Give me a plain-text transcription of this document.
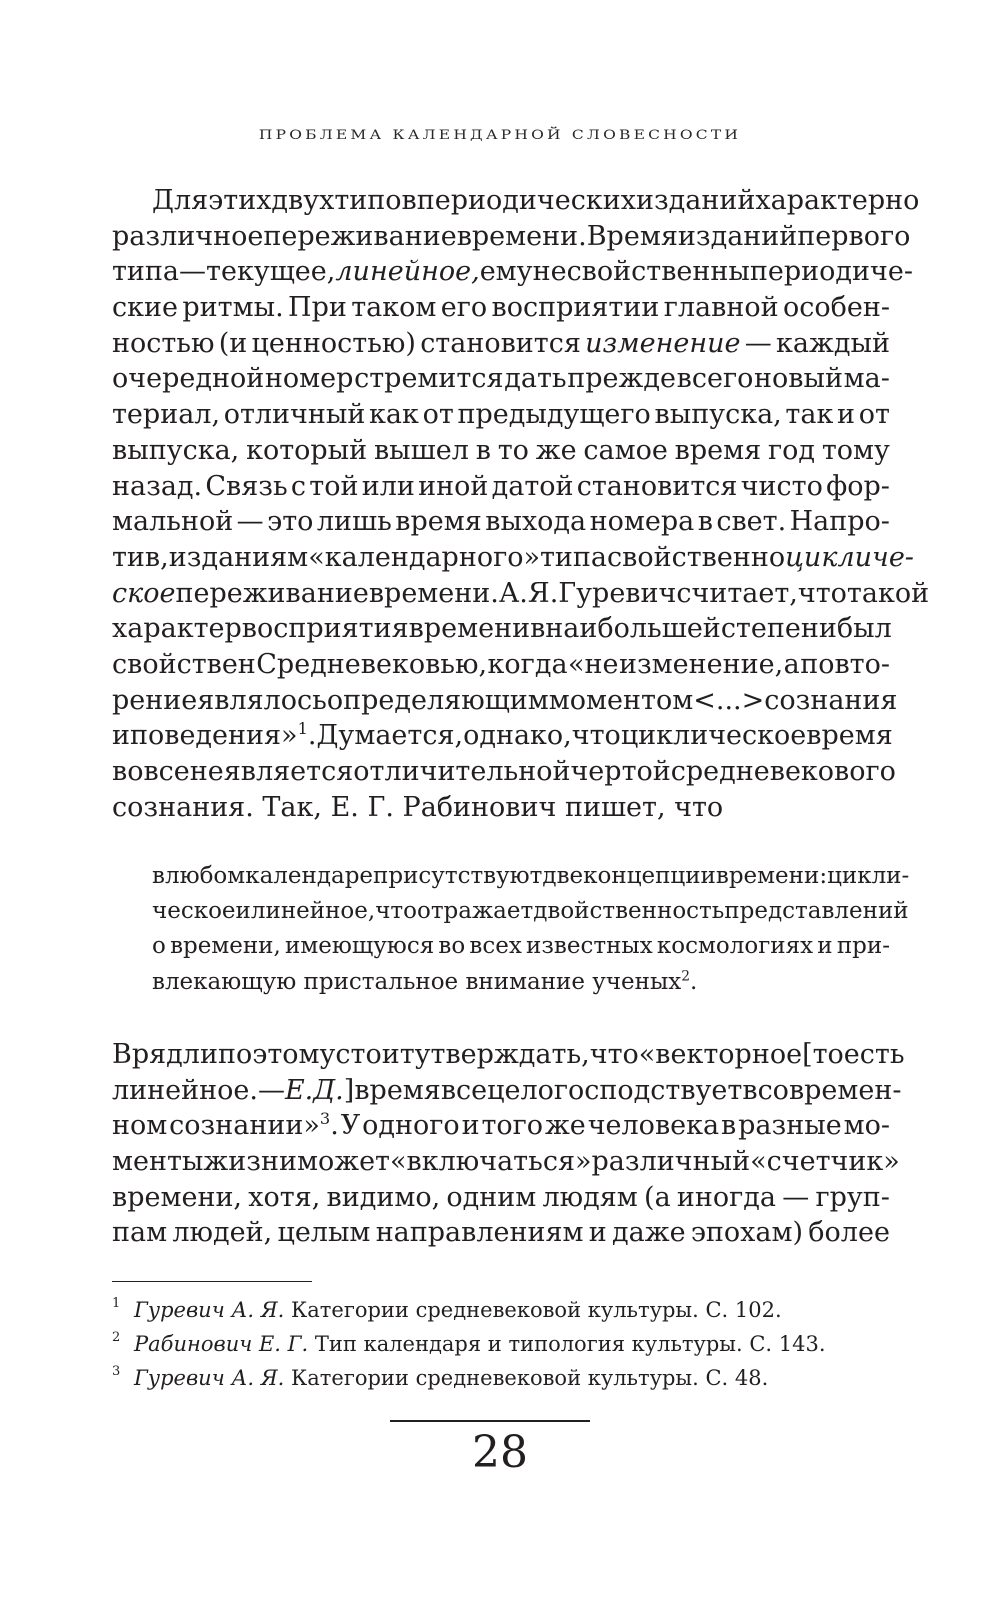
ПРОБЛЕМА КАЛЕНДАРНОЙ СЛОВЕСНОСТИ
Для этих двух типов периодических изданий характерно
различное переживание времени. Время изданий первого
типа — текущее, линейное, ему не свойственны периодиче-
ские ритмы. При таком его восприятии главной особен-
ностью (и ценностью) становится изменение — каждый
очередной номер стремится дать прежде всего новый ма-
териал, отличный как от предыдущего выпуска, так и от
выпуска, который вышел в то же самое время год тому
назад. Связь с той или иной датой становится чисто фор-
мальной — это лишь время выхода номера в свет. Напро-
тив, изданиям «календарного» типа свойственно цикличе-
ское переживание времени. А. Я. Гуревич считает, что такой
характер восприятия времени в наибольшей степени был
свойствен Средневековью, когда «не изменение, а повто-
рение являлось определяющим моментом <...> сознания
и поведения»$^1$. Думается, однако, что циклическое время
вовсе не является отличительной чертой средневекового
сознания. Так, Е. Г. Рабинович пишет, что
в любом календаре присутствуют две концепции времени: цикли-
ческое и линейное, что отражает двойственность представлений
о времени, имеющуюся во всех известных космологиях и при-
влекающую пристальное внимание ученых$^2$.
Вряд ли поэтому стоит утверждать, что «векторное [то есть
линейное. — Е. Д.] время всецело господствует в современ-
ном сознании»$^3$. У одного и того же человека в разные мо-
менты жизни может «включаться» различный «счетчик»
времени, хотя, видимо, одним людям (а иногда — груп-
пам людей, целым направлениям и даже эпохам) более
1 Гуревич А. Я. Категории средневековой культуры. С. 102.
2 Рабинович Е. Г. Тип календаря и типология культуры. С. 143.
3 Гуревич А. Я. Категории средневековой культуры. С. 48.
28
